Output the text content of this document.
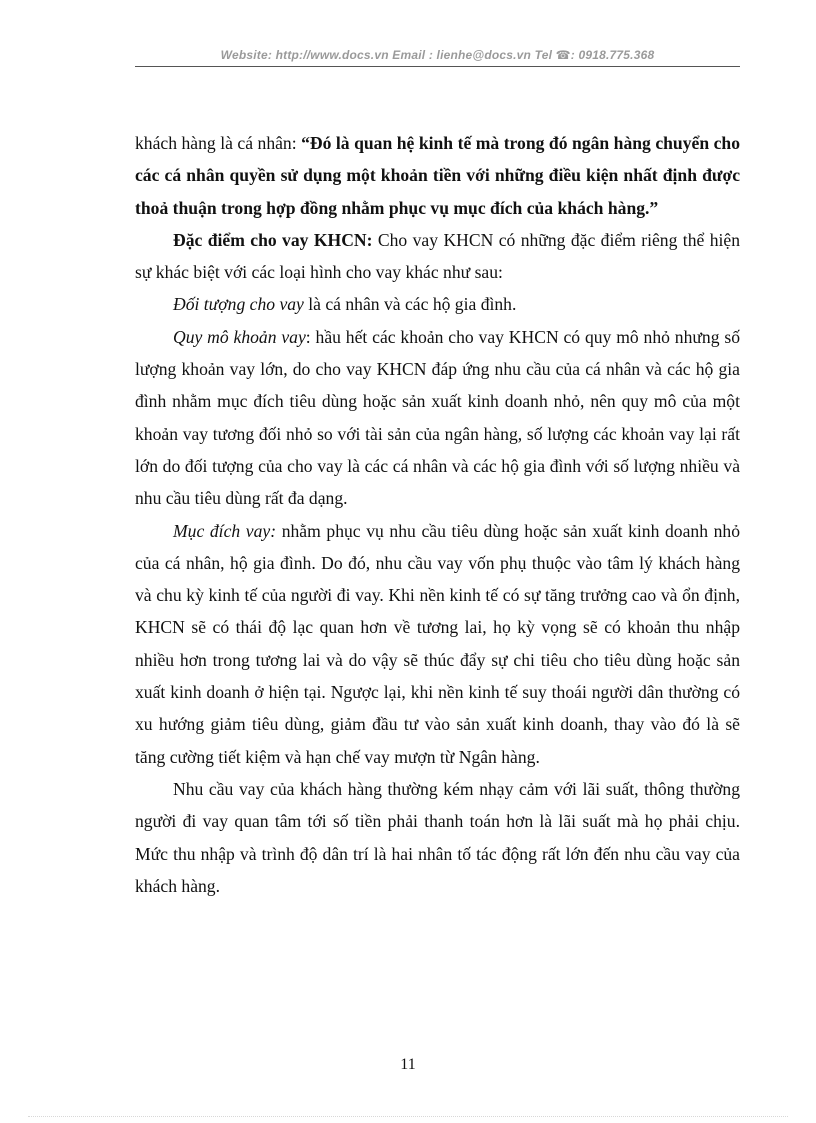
Website: http://www.docs.vn Email : lienhe@docs.vn Tel ☎: 0918.775.368

khách hàng là cá nhân: “Đó là quan hệ kinh tế mà trong đó ngân hàng chuyển cho các cá nhân quyền sử dụng một khoản tiền với những điều kiện nhất định được thoả thuận trong hợp đồng nhằm phục vụ mục đích của khách hàng.”

Đặc điểm cho vay KHCN: Cho vay KHCN có những đặc điểm riêng thể hiện sự khác biệt với các loại hình cho vay khác như sau:

Đối tượng cho vay là cá nhân và các hộ gia đình.

Quy mô khoản vay: hầu hết các khoản cho vay KHCN có quy mô nhỏ nhưng số lượng khoản vay lớn, do cho vay KHCN đáp ứng nhu cầu của cá nhân và các hộ gia đình nhằm mục đích tiêu dùng hoặc sản xuất kinh doanh nhỏ, nên quy mô của một khoản vay tương đối nhỏ so với tài sản của ngân hàng, số lượng các khoản vay lại rất lớn do đối tượng của cho vay là các cá nhân và các hộ gia đình với số lượng nhiều và nhu cầu tiêu dùng rất đa dạng.

Mục đích vay: nhằm phục vụ nhu cầu tiêu dùng hoặc sản xuất kinh doanh nhỏ của cá nhân, hộ gia đình. Do đó, nhu cầu vay vốn phụ thuộc vào tâm lý khách hàng và chu kỳ kinh tế của người đi vay. Khi nền kinh tế có sự tăng trưởng cao và ổn định, KHCN sẽ có thái độ lạc quan hơn về tương lai, họ kỳ vọng sẽ có khoản thu nhập nhiều hơn trong tương lai và do vậy sẽ thúc đẩy sự chi tiêu cho tiêu dùng hoặc sản xuất kinh doanh ở hiện tại. Ngược lại, khi nền kinh tế suy thoái người dân thường có xu hướng giảm tiêu dùng, giảm đầu tư vào sản xuất kinh doanh, thay vào đó là sẽ tăng cường tiết kiệm và hạn chế vay mượn từ Ngân hàng.

Nhu cầu vay của khách hàng thường kém nhạy cảm với lãi suất, thông thường người đi vay quan tâm tới số tiền phải thanh toán hơn là lãi suất mà họ phải chịu. Mức thu nhập và trình độ dân trí là hai nhân tố tác động rất lớn đến nhu cầu vay của khách hàng.

11
